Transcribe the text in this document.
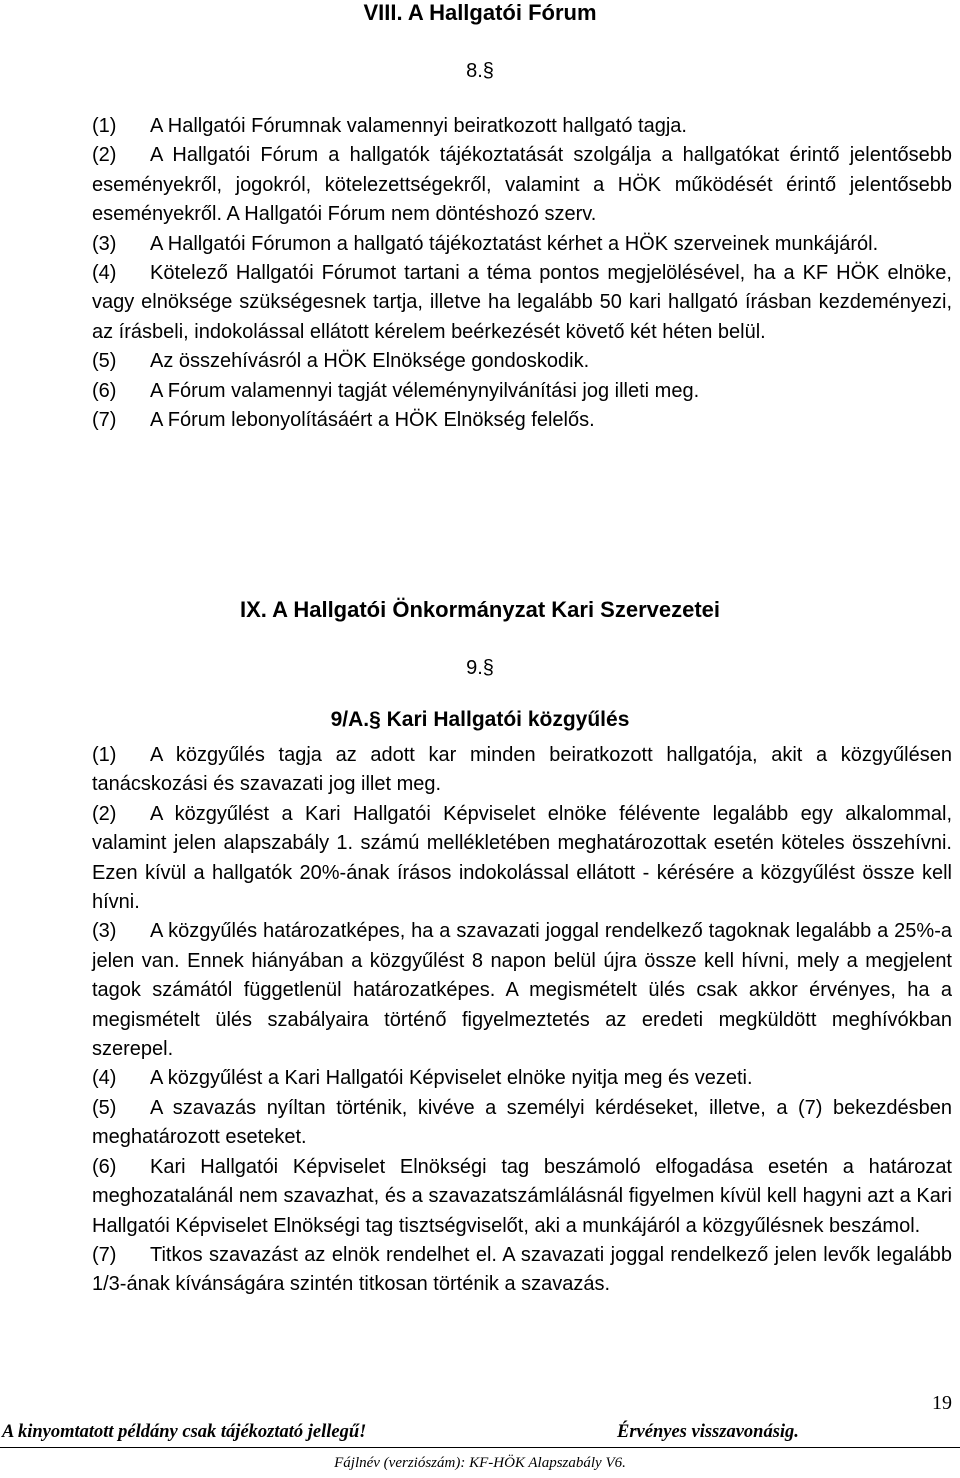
VIII. A Hallgatói Fórum
8.§

(1) A Hallgatói Fórumnak valamennyi beiratkozott hallgató tagja.

(2) A Hallgatói Fórum a hallgatók tájékoztatását szolgálja a hallgatókat érintő jelentősebb eseményekről, jogokról, kötelezettségekről, valamint a HÖK működését érintő jelentősebb eseményekről. A Hallgatói Fórum nem döntéshozó szerv.

(3) A Hallgatói Fórumon a hallgató tájékoztatást kérhet a HÖK szerveinek munkájáról.

(4) Kötelező Hallgatói Fórumot tartani a téma pontos megjelölésével, ha a KF HÖK elnöke, vagy elnöksége szükségesnek tartja, illetve ha legalább 50 kari hallgató írásban kezdeményezi, az írásbeli, indokolással ellátott kérelem beérkezését követő két héten belül.

(5) Az összehívásról a HÖK Elnöksége gondoskodik.

(6) A Fórum valamennyi tagját véleménynyilvánítási jog illeti meg.

(7) A Fórum lebonyolításáért a HÖK Elnökség felelős.

IX. A Hallgatói Önkormányzat Kari Szervezetei
9.§
9/A.§ Kari Hallgatói közgyűlés

(1) A közgyűlés tagja az adott kar minden beiratkozott hallgatója, akit a közgyűlésen tanácskozási és szavazati jog illet meg.

(2) A közgyűlést a Kari Hallgatói Képviselet elnöke félévente legalább egy alkalommal, valamint jelen alapszabály 1. számú mellékletében meghatározottak esetén köteles összehívni. Ezen kívül a hallgatók 20%-ának írásos indokolással ellátott - kérésére a közgyűlést össze kell hívni.

(3) A közgyűlés határozatképes, ha a szavazati joggal rendelkező tagoknak legalább a 25%-a jelen van. Ennek hiányában a közgyűlést 8 napon belül újra össze kell hívni, mely a megjelent tagok számától függetlenül határozatképes. A megismételt ülés csak akkor érvényes, ha a megismételt ülés szabályaira történő figyelmeztetés az eredeti megküldött meghívókban szerepel.

(4) A közgyűlést a Kari Hallgatói Képviselet elnöke nyitja meg és vezeti.

(5) A szavazás nyíltan történik, kivéve a személyi kérdéseket, illetve, a (7) bekezdésben meghatározott eseteket.

(6) Kari Hallgatói Képviselet Elnökségi tag beszámoló elfogadása esetén a határozat meghozatalánál nem szavazhat, és a szavazatszámlálásnál figyelmen kívül kell hagyni azt a Kari Hallgatói Képviselet Elnökségi tag tisztségviselőt, aki a munkájáról a közgyűlésnek beszámol.

(7) Titkos szavazást az elnök rendelhet el. A szavazati joggal rendelkező jelen levők legalább 1/3-ának kívánságára szintén titkosan történik a szavazás.

19
A kinyomtatott példány csak tájékoztató jellegű!	Érvényes visszavonásig.
Fájlnév (verziószám): KF-HÖK Alapszabály V6.
